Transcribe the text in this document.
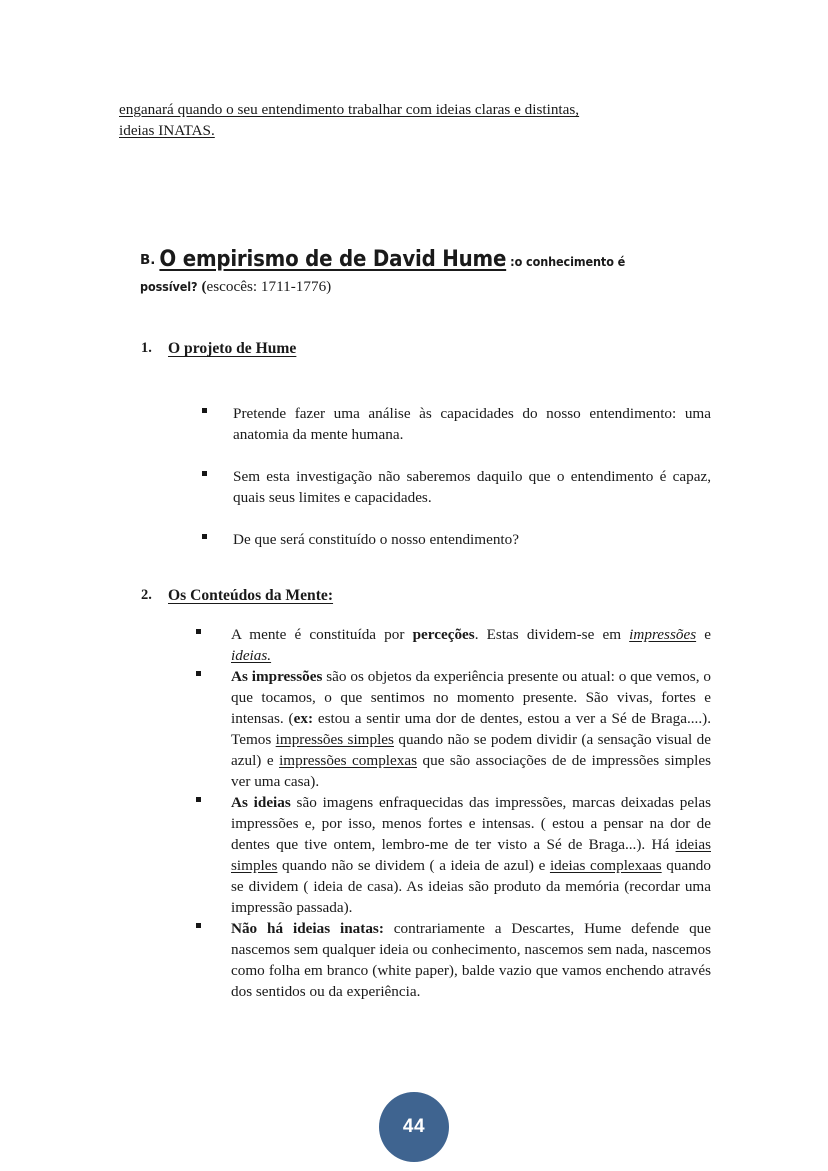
enganará quando o seu entendimento trabalhar com ideias claras e distintas,

ideias INATAS.

B. O empirismo de de David Hume :o conhecimento é
possível? (escocês: 1711-1776)
1. O projeto de Hume

Pretende fazer uma análise às capacidades do nosso entendimento: uma anatomia da mente humana.

Sem esta investigação não saberemos daquilo que o entendimento é capaz, quais seus limites e capacidades.

De que será constituído o nosso entendimento?

2. Os Conteúdos da Mente:

A mente é constituída por perceções. Estas dividem-se em impressões e ideias.

As impressões são os objetos da experiência presente ou atual: o que vemos, o que tocamos, o que sentimos no momento presente. São vivas, fortes e intensas. (ex: estou a sentir uma dor de dentes, estou a ver a Sé de Braga....). Temos impressões simples quando não se podem dividir (a sensação visual de azul) e impressões complexas que são associações de de impressões simples ver uma casa).

As ideias são imagens enfraquecidas das impressões, marcas deixadas pelas impressões e, por isso, menos fortes e intensas. ( estou a pensar na dor de dentes que tive ontem, lembro-me de ter visto a Sé de Braga...). Há ideias simples quando não se dividem ( a ideia de azul) e ideias complexaas quando se dividem ( ideia de casa). As ideias são produto da memória (recordar uma impressão passada).

Não há ideias inatas: contrariamente a Descartes, Hume defende que nascemos sem qualquer ideia ou conhecimento, nascemos sem nada, nascemos como folha em branco (white paper), balde vazio que vamos enchendo através dos sentidos ou da experiência.

44
